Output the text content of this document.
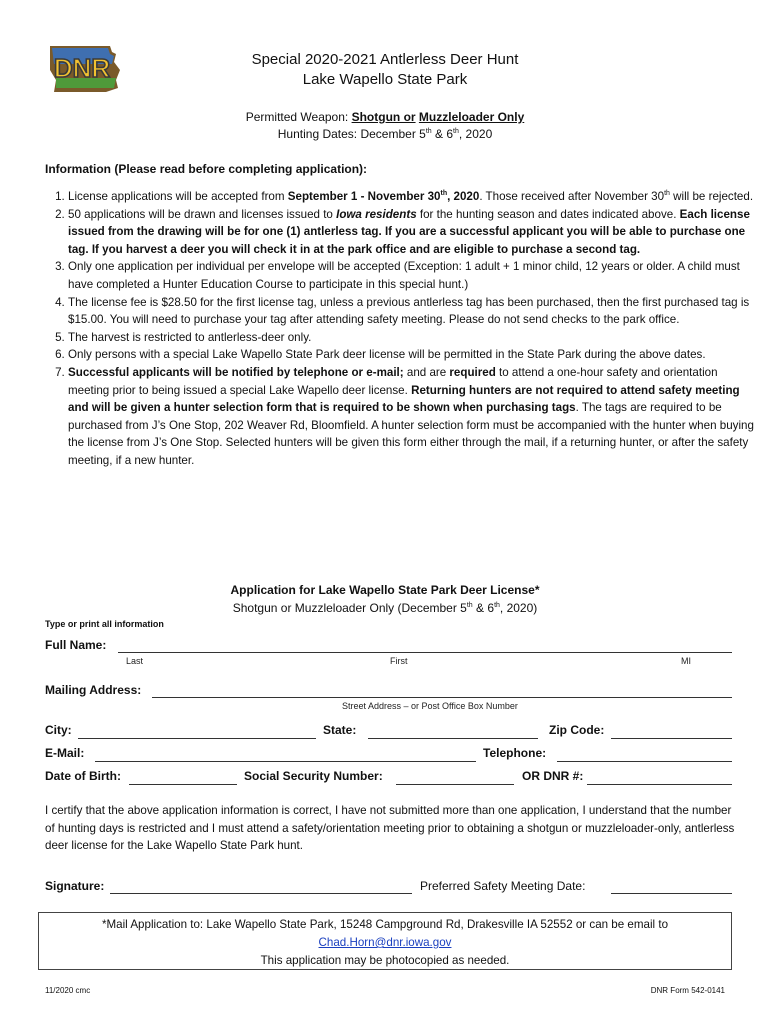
DNR	Special 2020-2021 Antlerless Deer Hunt
Lake Wapello State Park
Permitted Weapon: Shotgun or Muzzleloader Only
Hunting Dates: December 5th & 6th, 2020
Information (Please read before completing application):
1. License applications will be accepted from September 1 - November 30th, 2020. Those received after November 30th will be rejected.
2. 50 applications will be drawn and licenses issued to Iowa residents for the hunting season and dates indicated above. Each license issued from the drawing will be for one (1) antlerless tag. If you are a successful applicant you will be able to purchase one tag. If you harvest a deer you will check it in at the park office and are eligible to purchase a second tag.
3. Only one application per individual per envelope will be accepted (Exception: 1 adult + 1 minor child, 12 years or older. A child must have completed a Hunter Education Course to participate in this special hunt.)
4. The license fee is $28.50 for the first license tag, unless a previous antlerless tag has been purchased, then the first purchased tag is $15.00. You will need to purchase your tag after attending safety meeting. Please do not send checks to the park office.
5. The harvest is restricted to antlerless-deer only.
6. Only persons with a special Lake Wapello State Park deer license will be permitted in the State Park during the above dates.
7. Successful applicants will be notified by telephone or e-mail; and are required to attend a one-hour safety and orientation meeting prior to being issued a special Lake Wapello deer license. Returning hunters are not required to attend safety meeting and will be given a hunter selection form that is required to be shown when purchasing tags. The tags are required to be purchased from J’s One Stop, 202 Weaver Rd, Bloomfield. A hunter selection form must be accompanied with the hunter when buying the license from J’s One Stop. Selected hunters will be given this form either through the mail, if a returning hunter, or after the safety meeting, if a new hunter.
Application for Lake Wapello State Park Deer License*
Shotgun or Muzzleloader Only (December 5th & 6th, 2020)
Type or print all information
Full Name:
Last	First	MI
Mailing Address:
Street Address – or Post Office Box Number
City:	State:	Zip Code:
E-Mail:	Telephone:
Date of Birth:	Social Security Number:	OR DNR #:
I certify that the above application information is correct, I have not submitted more than one application, I understand that the number of hunting days is restricted and I must attend a safety/orientation meeting prior to obtaining a shotgun or muzzleloader-only, antlerless deer license for the Lake Wapello State Park hunt.
Signature:	Preferred Safety Meeting Date:
*Mail Application to: Lake Wapello State Park, 15248 Campground Rd, Drakesville IA 52552 or can be email to
Chad.Horn@dnr.iowa.gov
This application may be photocopied as needed.
11/2020 cmc	DNR Form 542-0141
